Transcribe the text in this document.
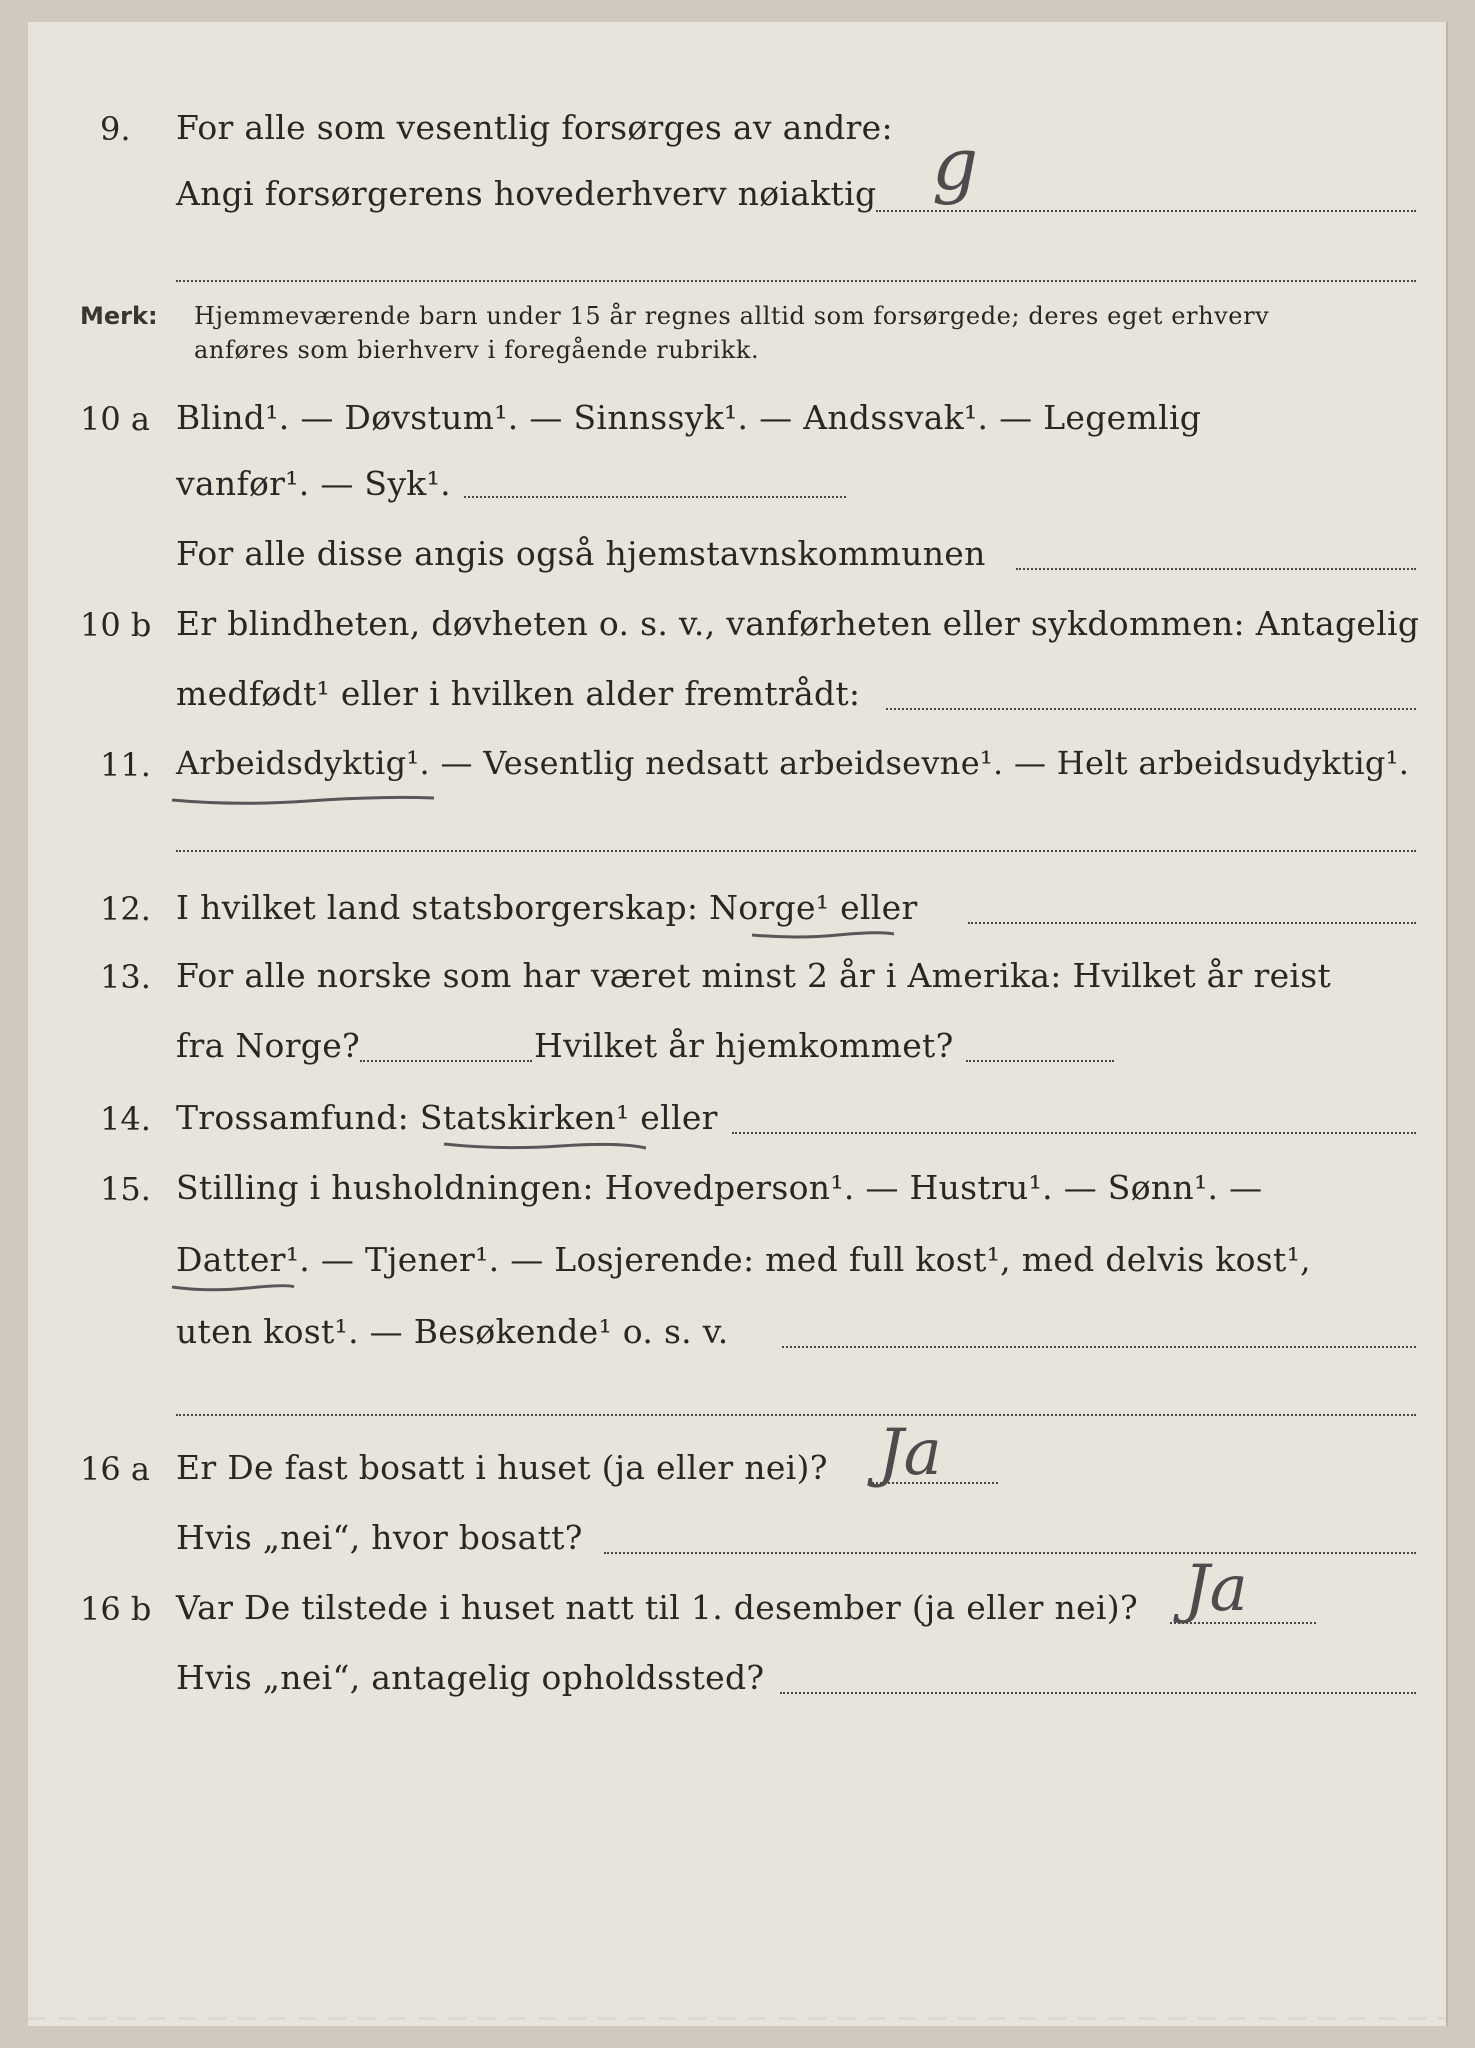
9. For alle som vesentlig forsørges av andre:
Angi forsørgerens hovederhverv nøiaktig g
Merk: Hjemmeværende barn under 15 år regnes alltid som forsørgede; deres eget erhverv
anføres som bierhverv i foregående rubrikk.
10 a Blind¹. — Døvstum¹. — Sinnssyk¹. — Andssvak¹. — Legemlig
vanfør¹. — Syk¹.
For alle disse angis også hjemstavnskommunen
10 b Er blindheten, døvheten o. s. v., vanførheten eller sykdommen: Antagelig
medfødt¹ eller i hvilken alder fremtrådt:
11. Arbeidsdyktig¹. — Vesentlig nedsatt arbeidsevne¹. — Helt arbeidsudyktig¹.
12. I hvilket land statsborgerskap: Norge¹ eller
13. For alle norske som har været minst 2 år i Amerika: Hvilket år reist
fra Norge?	Hvilket år hjemkommet?
14. Trossamfund: Statskirken¹ eller
15. Stilling i husholdningen: Hovedperson¹. — Hustru¹. — Sønn¹. —
Datter¹. — Tjener¹. — Losjerende: med full kost¹, med delvis kost¹,
uten kost¹. — Besøkende¹ o. s. v.
16 a Er De fast bosatt i huset (ja eller nei)? Ja
Hvis „nei“, hvor bosatt?
16 b Var De tilstede i huset natt til 1. desember (ja eller nei)? Ja
Hvis „nei“, antagelig opholdssted?
